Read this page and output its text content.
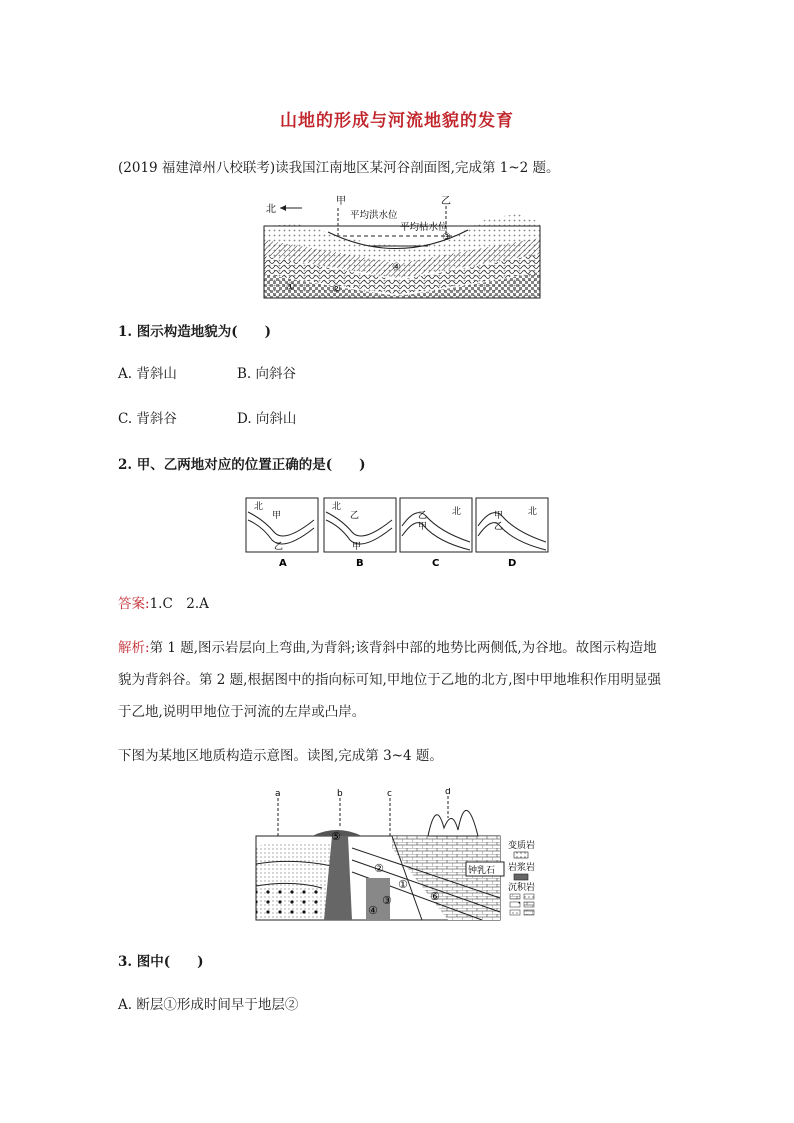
山地的形成与河流地貌的发育
(2019 福建漳州八校联考)读我国江南地区某河谷剖面图,完成第 1~2 题。
北
甲	乙
平均洪水位
平均枯水位
③
④
①	②
1. 图示构造地貌为(　　)
A. 背斜山	B. 向斜谷
C. 背斜谷	D. 向斜山
2. 甲、乙两地对应的位置正确的是(　　)
北
甲
乙
北
乙
甲
乙
甲
北	甲
乙
北
A	B	C	D
答案:1.C　2.A
解析:第 1 题,图示岩层向上弯曲,为背斜;该背斜中部的地势比两侧低,为谷地。故图示构造地
貌为背斜谷。第 2 题,根据图中的指向标可知,甲地位于乙地的北方,图中甲地堆积作用明显强
于乙地,说明甲地位于河流的左岸或凸岸。
下图为某地区地质构造示意图。读图,完成第 3~4 题。
a	b	c	d
⑤
②
①
③
④
⑥
钟乳石
变质岩
岩浆岩
沉积岩
3. 图中(　　)
A. 断层①形成时间早于地层②
